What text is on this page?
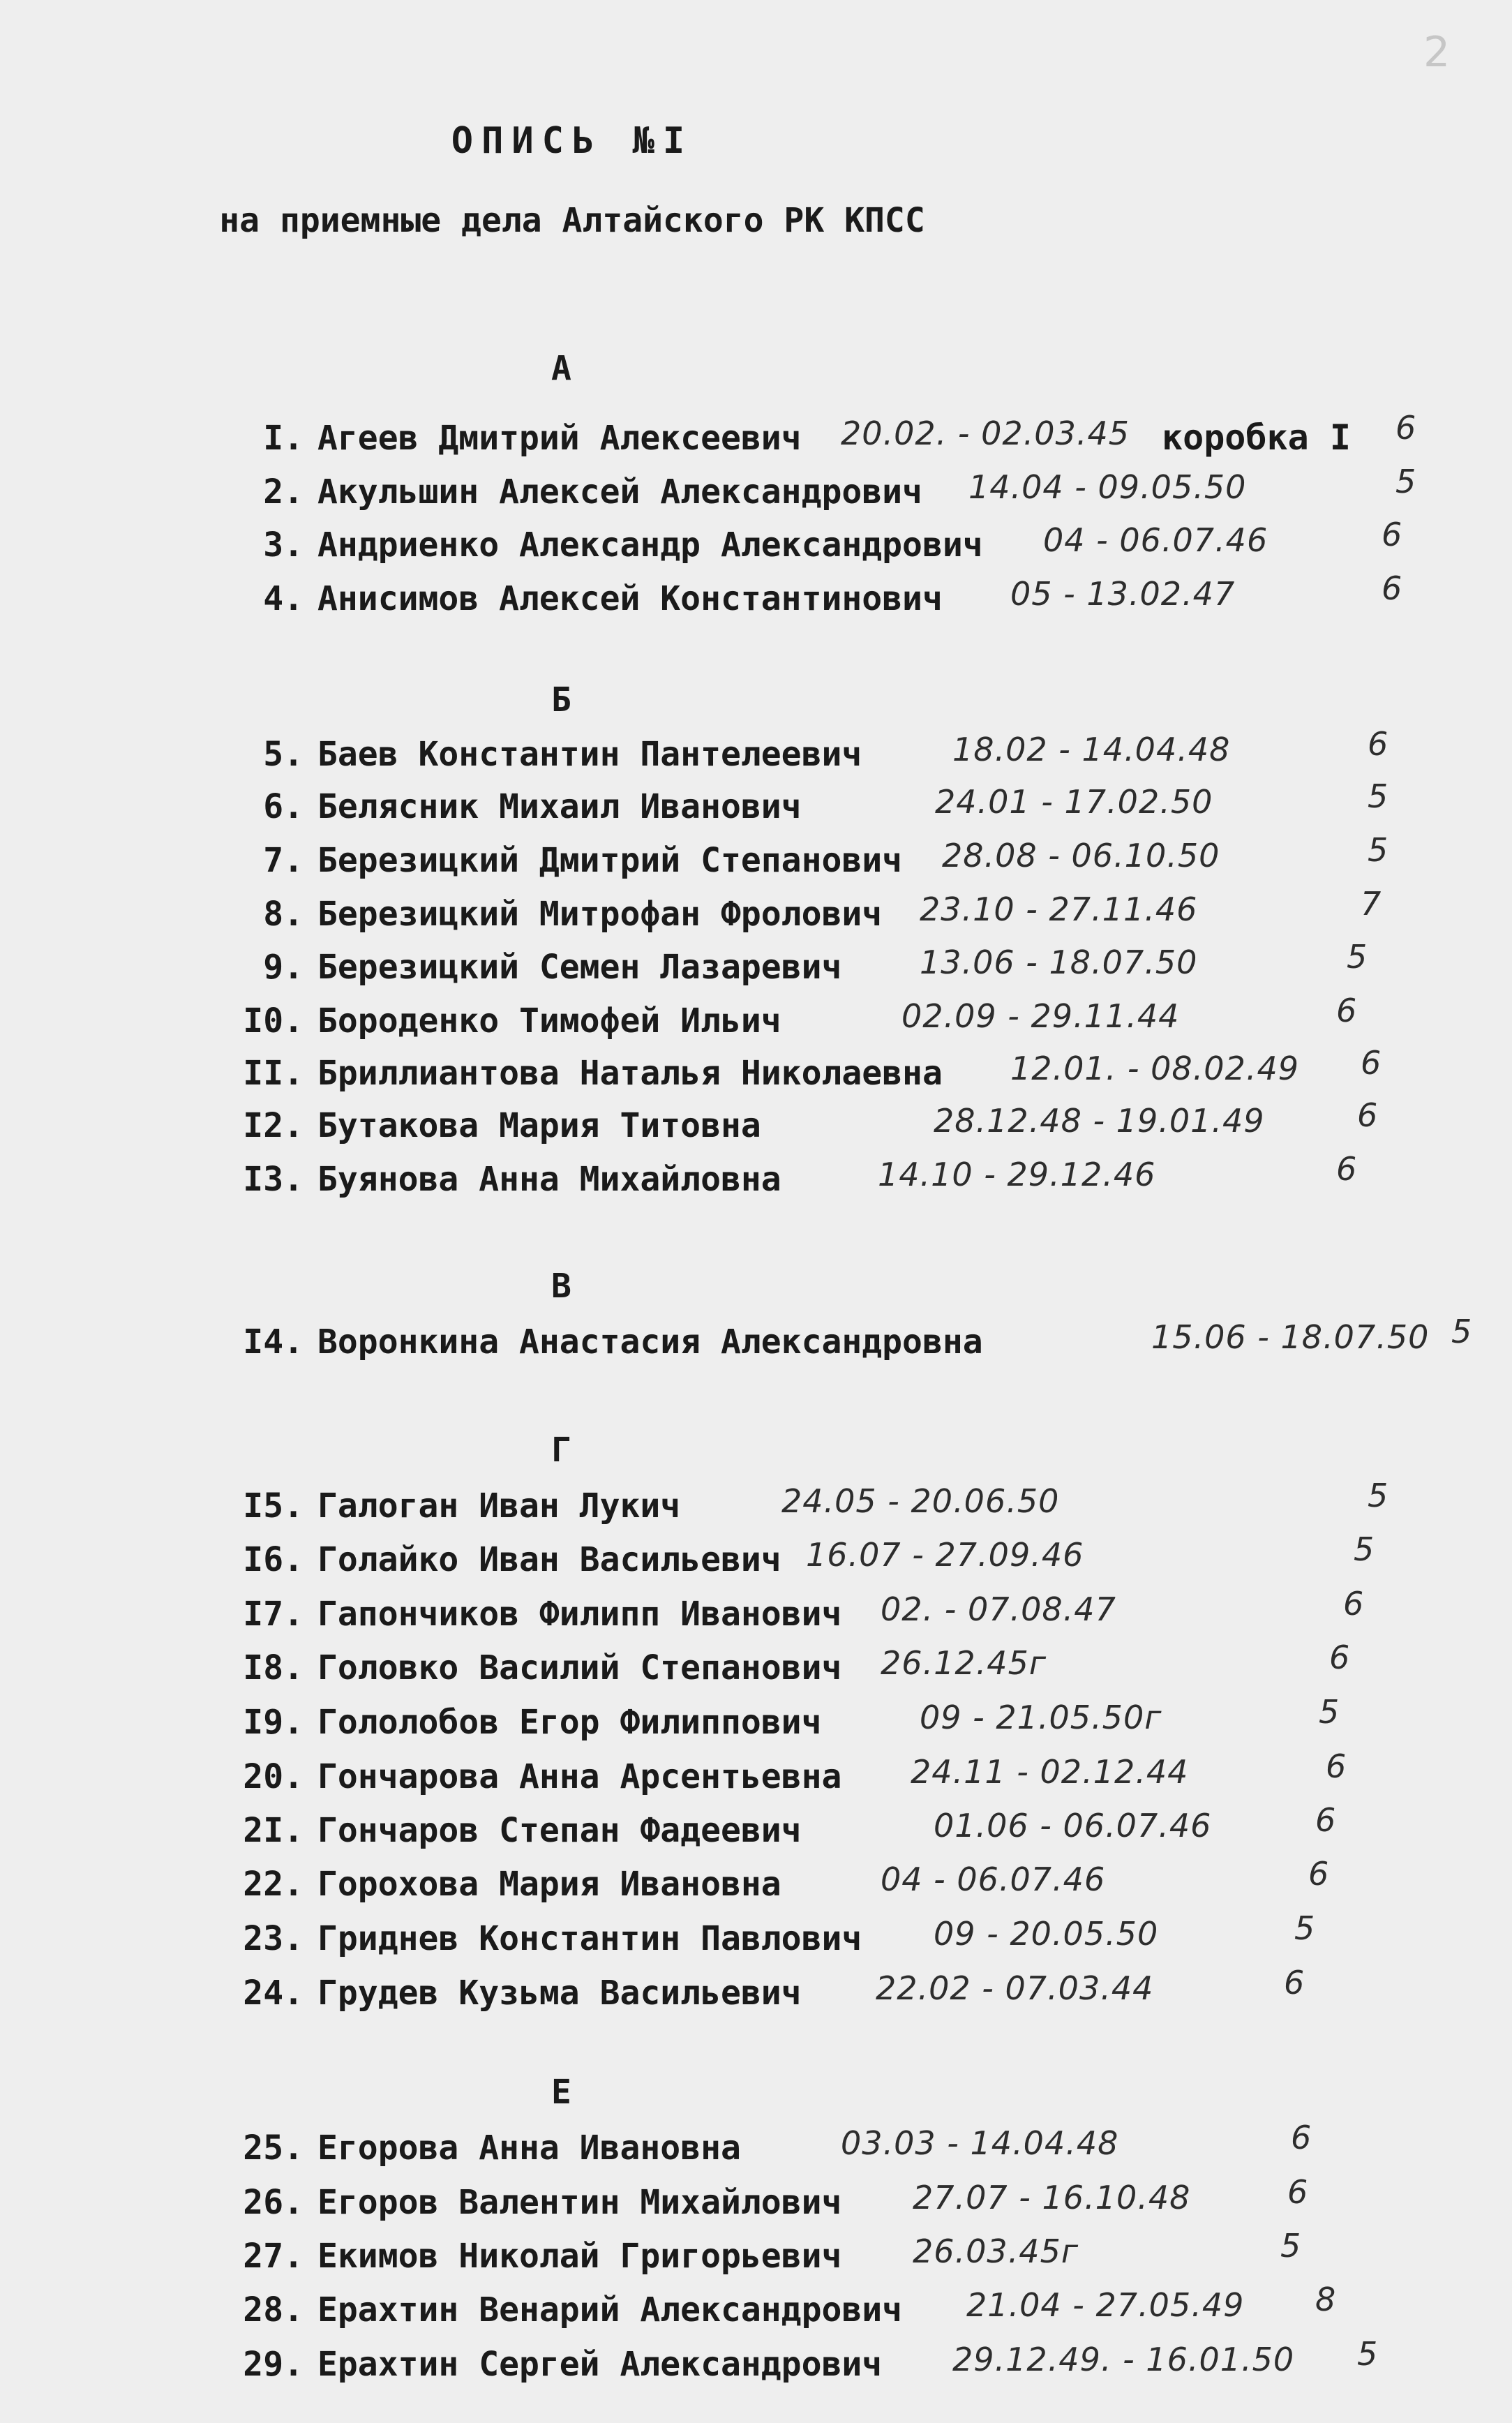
2
ОПИСЬ №I
на приемные дела Алтайского РК КПСС
А
I. Агеев Дмитрий Алексеевич 20.02. - 02.03.45 коробка I 6
2. Акульшин Алексей Александрович 14.04 - 09.05.50	5
3. Андриенко Александр Александрович 04 - 06.07.46	6
4. Анисимов Алексей Константинович 05 - 13.02.47	6
Б
5. Баев Константин Пантелеевич	18.02 - 14.04.48	6
6. Белясник Михаил Иванович	24.01 - 17.02.50	5
7. Березицкий Дмитрий Степанович 28.08 - 06.10.50	5
8. Березицкий Митрофан Фролович 23.10 - 27.11.46	7
9. Березицкий Семен Лазаревич 13.06 - 18.07.50	5
I0. Бороденко Тимофей Ильич	02.09 - 29.11.44	6
II. Бриллиантова Наталья Николаевна 12.01. - 08.02.49 6
I2. Бутакова Мария Титовна	28.12.48 - 19.01.49	6
I3. Буянова Анна Михайловна	14.10 - 29.12.46	6
В
I4. Воронкина Анастасия Александровна	15.06 - 18.07.50 5
Г
I5. Галоган Иван Лукич	24.05 - 20.06.50	5
I6. Голайко Иван Васильевич 16.07 - 27.09.46	5
I7. Гапончиков Филипп Иванович 02. - 07.08.47	6
I8. Головко Василий Степанович 26.12.45г	6
I9. Гололобов Егор Филиппович	09 - 21.05.50г	5
20. Гончарова Анна Арсентьевна 24.11 - 02.12.44	6
2I. Гончаров Степан Фадеевич	01.06 - 06.07.46	6
22. Горохова Мария Ивановна	04 - 06.07.46	6
23. Гриднев Константин Павлович 09 - 20.05.50	5
24. Грудев Кузьма Васильевич 22.02 - 07.03.44	6
Е
25. Егорова Анна Ивановна	03.03 - 14.04.48	6
26. Егоров Валентин Михайлович 27.07 - 16.10.48	6
27. Екимов Николай Григорьевич 26.03.45г	5
28. Ерахтин Венарий Александрович 21.04 - 27.05.49 8
29. Ерахтин Сергей Александрович 29.12.49. - 16.01.50 5
